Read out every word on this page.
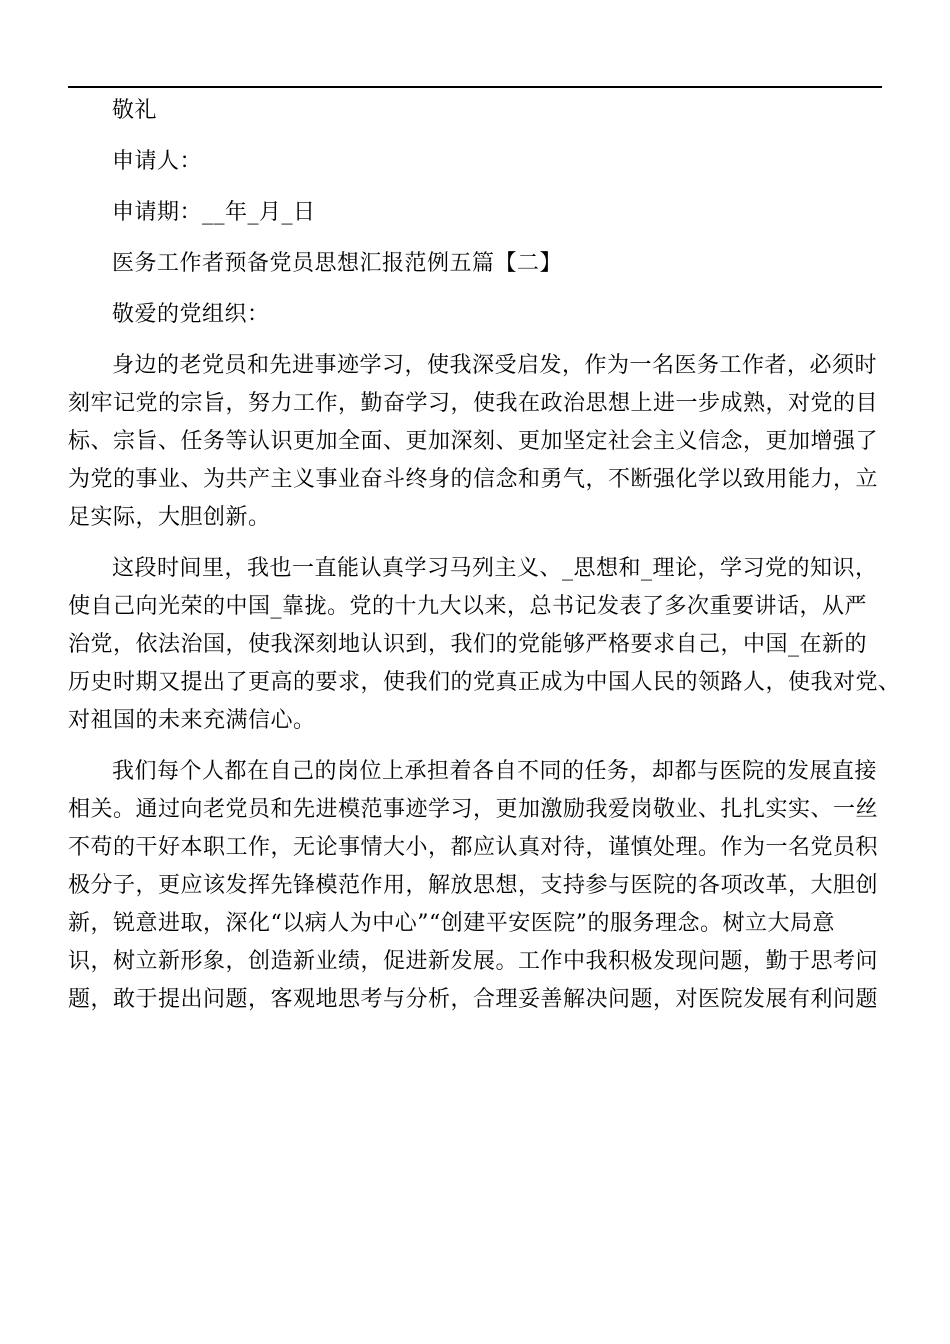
敬礼

申请人：

申请期：__年_月_日

医务工作者预备党员思想汇报范例五篇【二】

敬爱的党组织：

身边的老党员和先进事迹学习，使我深受启发，作为一名医务工作者，必须时
刻牢记党的宗旨，努力工作，勤奋学习，使我在政治思想上进一步成熟，对党的目
标、宗旨、任务等认识更加全面、更加深刻、更加坚定社会主义信念，更加增强了
为党的事业、为共产主义事业奋斗终身的信念和勇气，不断强化学以致用能力，立
足实际，大胆创新。
这段时间里，我也一直能认真学习马列主义、_思想和_理论，学习党的知识，
使自己向光荣的中国_靠拢。党的十九大以来，总书记发表了多次重要讲话，从严
治党，依法治国，使我深刻地认识到，我们的党能够严格要求自己，中国_在新的
历史时期又提出了更高的要求，使我们的党真正成为中国人民的领路人，使我对党、
对祖国的未来充满信心。
我们每个人都在自己的岗位上承担着各自不同的任务，却都与医院的发展直接
相关。通过向老党员和先进模范事迹学习，更加激励我爱岗敬业、扎扎实实、一丝
不苟的干好本职工作，无论事情大小，都应认真对待，谨慎处理。作为一名党员积
极分子，更应该发挥先锋模范作用，解放思想，支持参与医院的各项改革，大胆创
新，锐意进取，深化“以病人为中心”“创建平安医院”的服务理念。树立大局意
识，树立新形象，创造新业绩，促进新发展。工作中我积极发现问题，勤于思考问
题，敢于提出问题，客观地思考与分析，合理妥善解决问题，对医院发展有利问题
